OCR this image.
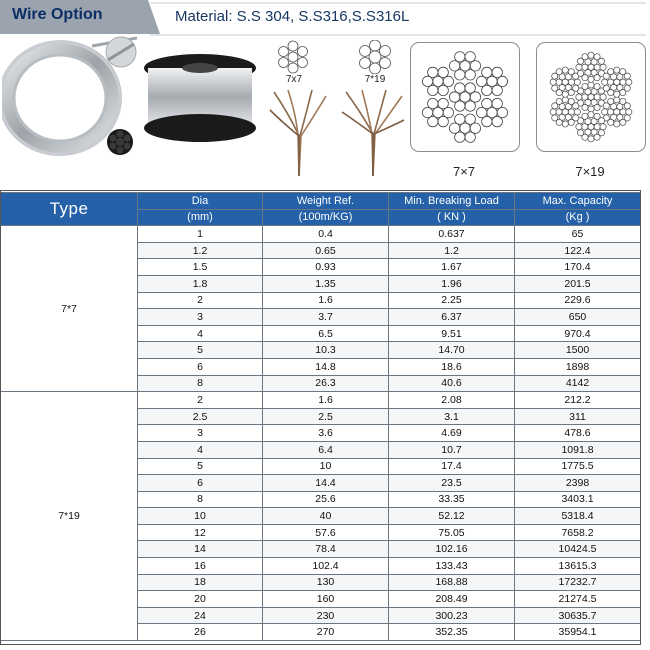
Wire Option	Material: S.S 304, S.S316,S.S316L
7x7	7*19
7×7	7×19
Type	Dia	Weight Ref.	Min. Breaking Load	Max. Capacity
	(mm)	(100m/KG)	( KN )	(Kg )
7*7	1	0.4	0.637	65
	1.2	0.65	1.2	122.4
	1.5	0.93	1.67	170.4
	1.8	1.35	1.96	201.5
	2	1.6	2.25	229.6
	3	3.7	6.37	650
	4	6.5	9.51	970.4
	5	10.3	14.70	1500
	6	14.8	18.6	1898
	8	26.3	40.6	4142
7*19	2	1.6	2.08	212.2
	2.5	2.5	3.1	311
	3	3.6	4.69	478.6
	4	6.4	10.7	1091.8
	5	10	17.4	1775.5
	6	14.4	23.5	2398
	8	25.6	33.35	3403.1
	10	40	52.12	5318.4
	12	57.6	75.05	7658.2
	14	78.4	102.16	10424.5
	16	102.4	133.43	13615.3
	18	130	168.88	17232.7
	20	160	208.49	21274.5
	24	230	300.23	30635.7
	26	270	352.35	35954.1
